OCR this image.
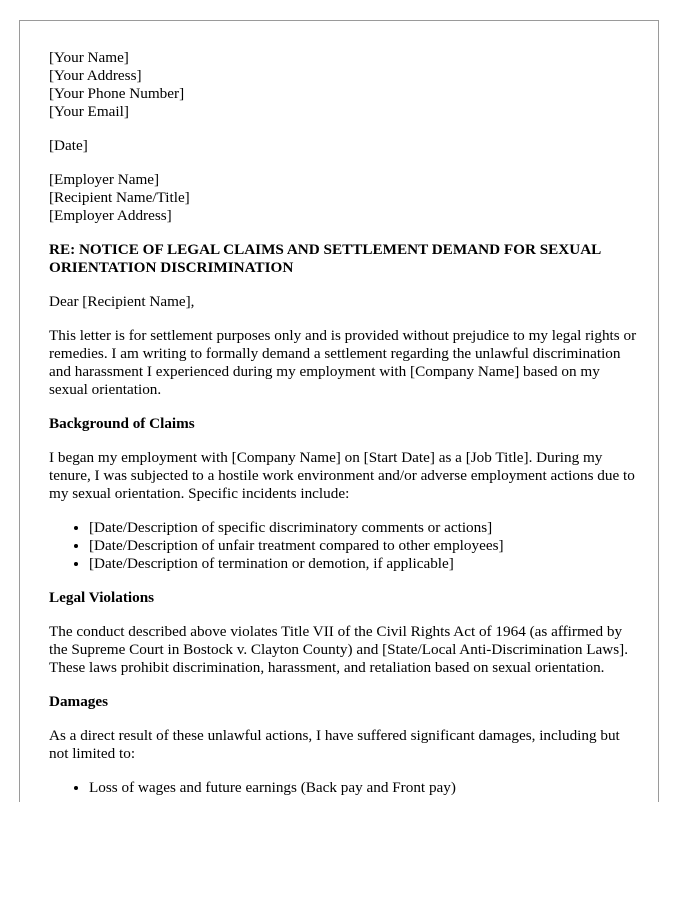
[Your Name]
[Your Address]
[Your Phone Number]
[Your Email]

[Date]

[Employer Name]
[Recipient Name/Title]
[Employer Address]

RE: NOTICE OF LEGAL CLAIMS AND SETTLEMENT DEMAND FOR SEXUAL ORIENTATION DISCRIMINATION

Dear [Recipient Name],

This letter is for settlement purposes only and is provided without prejudice to my legal rights or remedies. I am writing to formally demand a settlement regarding the unlawful discrimination and harassment I experienced during my employment with [Company Name] based on my sexual orientation.

Background of Claims

I began my employment with [Company Name] on [Start Date] as a [Job Title]. During my tenure, I was subjected to a hostile work environment and/or adverse employment actions due to my sexual orientation. Specific incidents include:

• [Date/Description of specific discriminatory comments or actions]
• [Date/Description of unfair treatment compared to other employees]
• [Date/Description of termination or demotion, if applicable]
Legal Violations

The conduct described above violates Title VII of the Civil Rights Act of 1964 (as affirmed by the Supreme Court in Bostock v. Clayton County) and [State/Local Anti-Discrimination Laws]. These laws prohibit discrimination, harassment, and retaliation based on sexual orientation.

Damages

As a direct result of these unlawful actions, I have suffered significant damages, including but not limited to:

• Loss of wages and future earnings (Back pay and Front pay)
